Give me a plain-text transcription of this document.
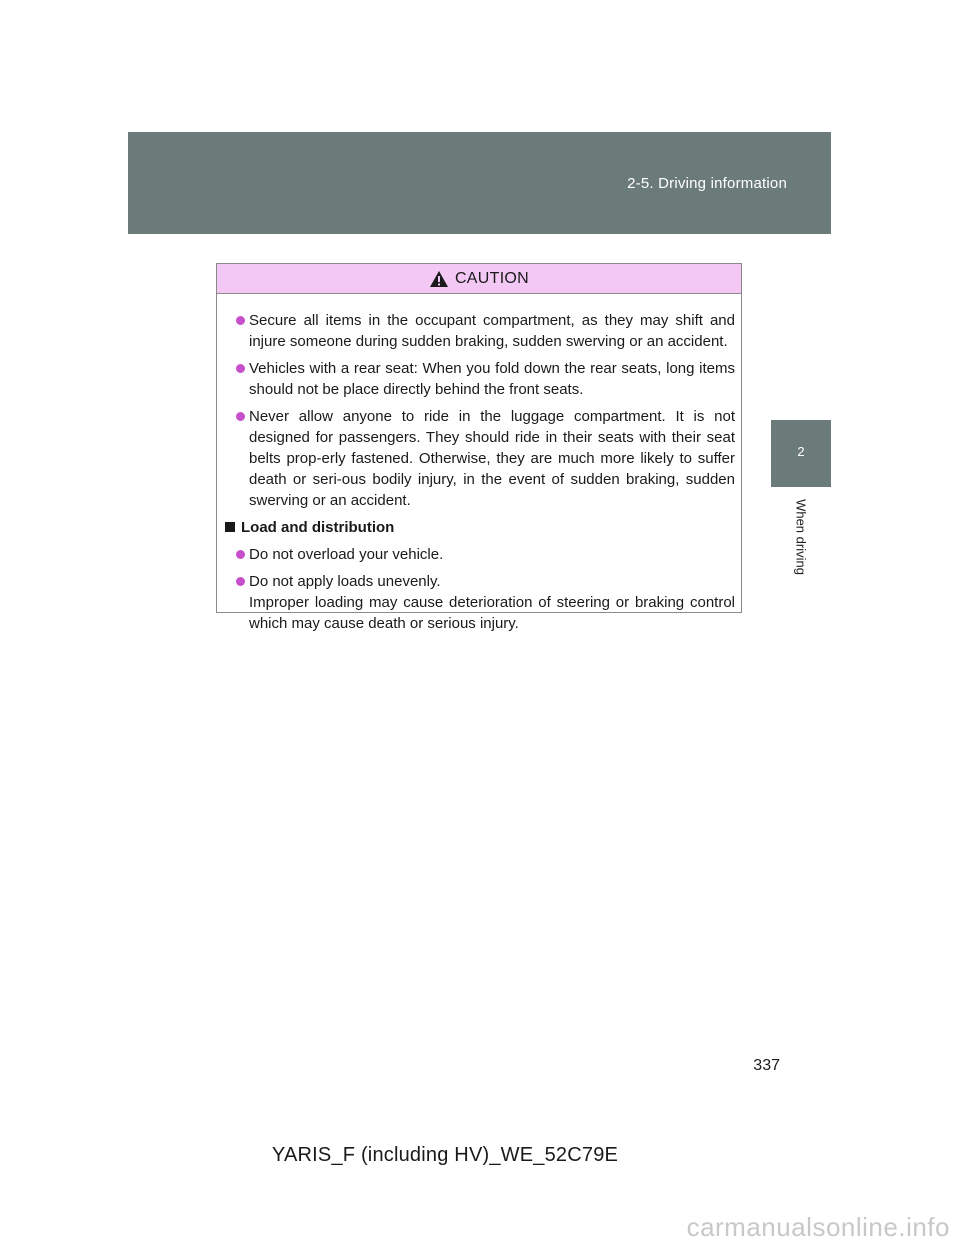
2-5. Driving information
2
When driving
CAUTION
Secure all items in the occupant compartment, as they may shift and injure someone during sudden braking, sudden swerving or an accident.
Vehicles with a rear seat: When you fold down the rear seats, long items should not be place directly behind the front seats.
Never allow anyone to ride in the luggage compartment. It is not designed for passengers. They should ride in their seats with their seat belts prop-erly fastened. Otherwise, they are much more likely to suffer death or seri-ous bodily injury, in the event of sudden braking, sudden swerving or an accident.
Load and distribution
Do not overload your vehicle.
Do not apply loads unevenly.
Improper loading may cause deterioration of steering or braking control which may cause death or serious injury.
337
YARIS_F (including HV)_WE_52C79E
carmanualsonline.info
